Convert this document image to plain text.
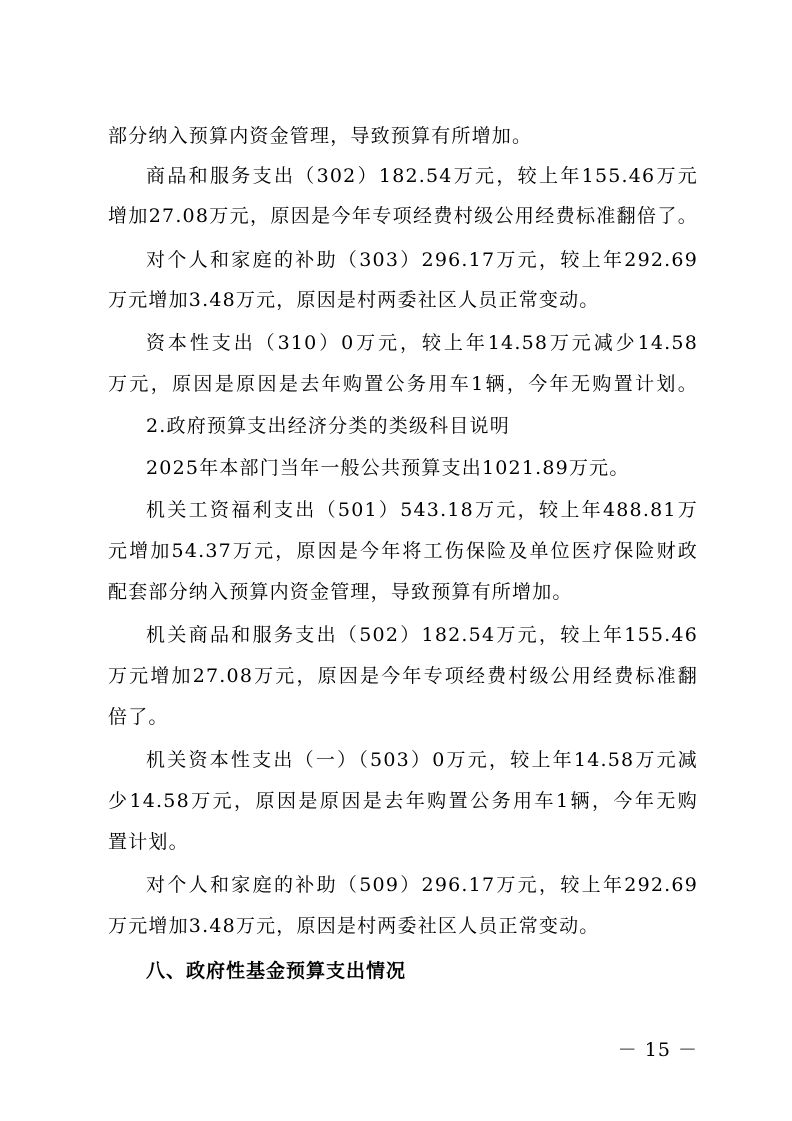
部分纳入预算内资金管理，导致预算有所增加。
商品和服务支出（302）182.54万元，较上年155.46万元
增加27.08万元，原因是今年专项经费村级公用经费标准翻倍了。
对个人和家庭的补助（303）296.17万元，较上年292.69
万元增加3.48万元，原因是村两委社区人员正常变动。
资本性支出（310）0万元，较上年14.58万元减少14.58
万元，原因是原因是去年购置公务用车1辆，今年无购置计划。
2.政府预算支出经济分类的类级科目说明
2025年本部门当年一般公共预算支出1021.89万元。
机关工资福利支出（501）543.18万元，较上年488.81万
元增加54.37万元，原因是今年将工伤保险及单位医疗保险财政
配套部分纳入预算内资金管理，导致预算有所增加。
机关商品和服务支出（502）182.54万元，较上年155.46
万元增加27.08万元，原因是今年专项经费村级公用经费标准翻
倍了。
机关资本性支出（一）（503）0万元，较上年14.58万元减
少14.58万元，原因是原因是去年购置公务用车1辆，今年无购
置计划。
对个人和家庭的补助（509）296.17万元，较上年292.69
万元增加3.48万元，原因是村两委社区人员正常变动。
八、政府性基金预算支出情况
－ 15 －
